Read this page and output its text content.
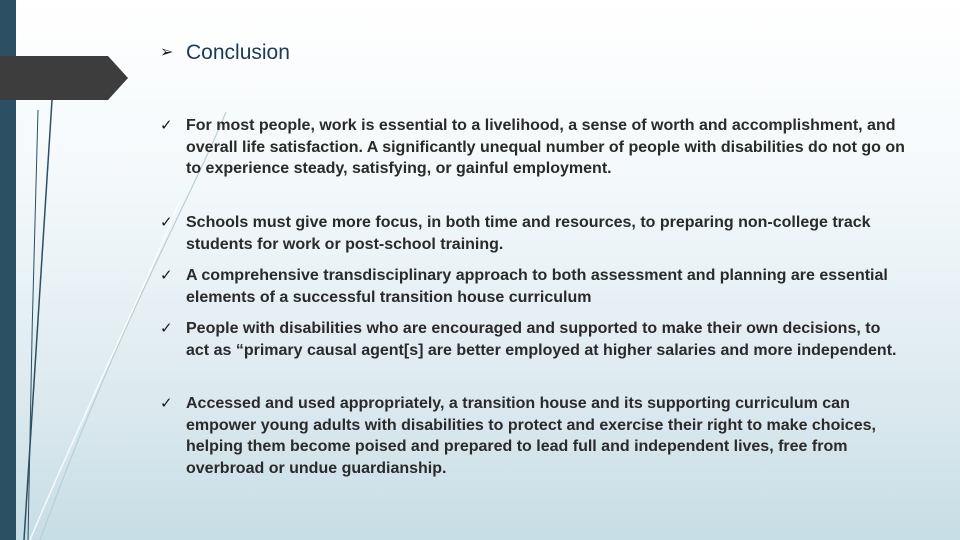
➢ Conclusion
✓ For most people, work is essential to a livelihood, a sense of worth and accomplishment, and overall life satisfaction. A significantly unequal number of people with disabilities do not go on to experience steady, satisfying, or gainful employment.
✓ Schools must give more focus, in both time and resources, to preparing non-college track students for work or post-school training.
✓ A comprehensive transdisciplinary approach to both assessment and planning are essential elements of a successful transition house curriculum
✓ People with disabilities who are encouraged and supported to make their own decisions, to act as “primary causal agent[s] are better employed at higher salaries and more independent.
✓ Accessed and used appropriately, a transition house and its supporting curriculum can empower young adults with disabilities to protect and exercise their right to make choices, helping them become poised and prepared to lead full and independent lives, free from overbroad or undue guardianship.
